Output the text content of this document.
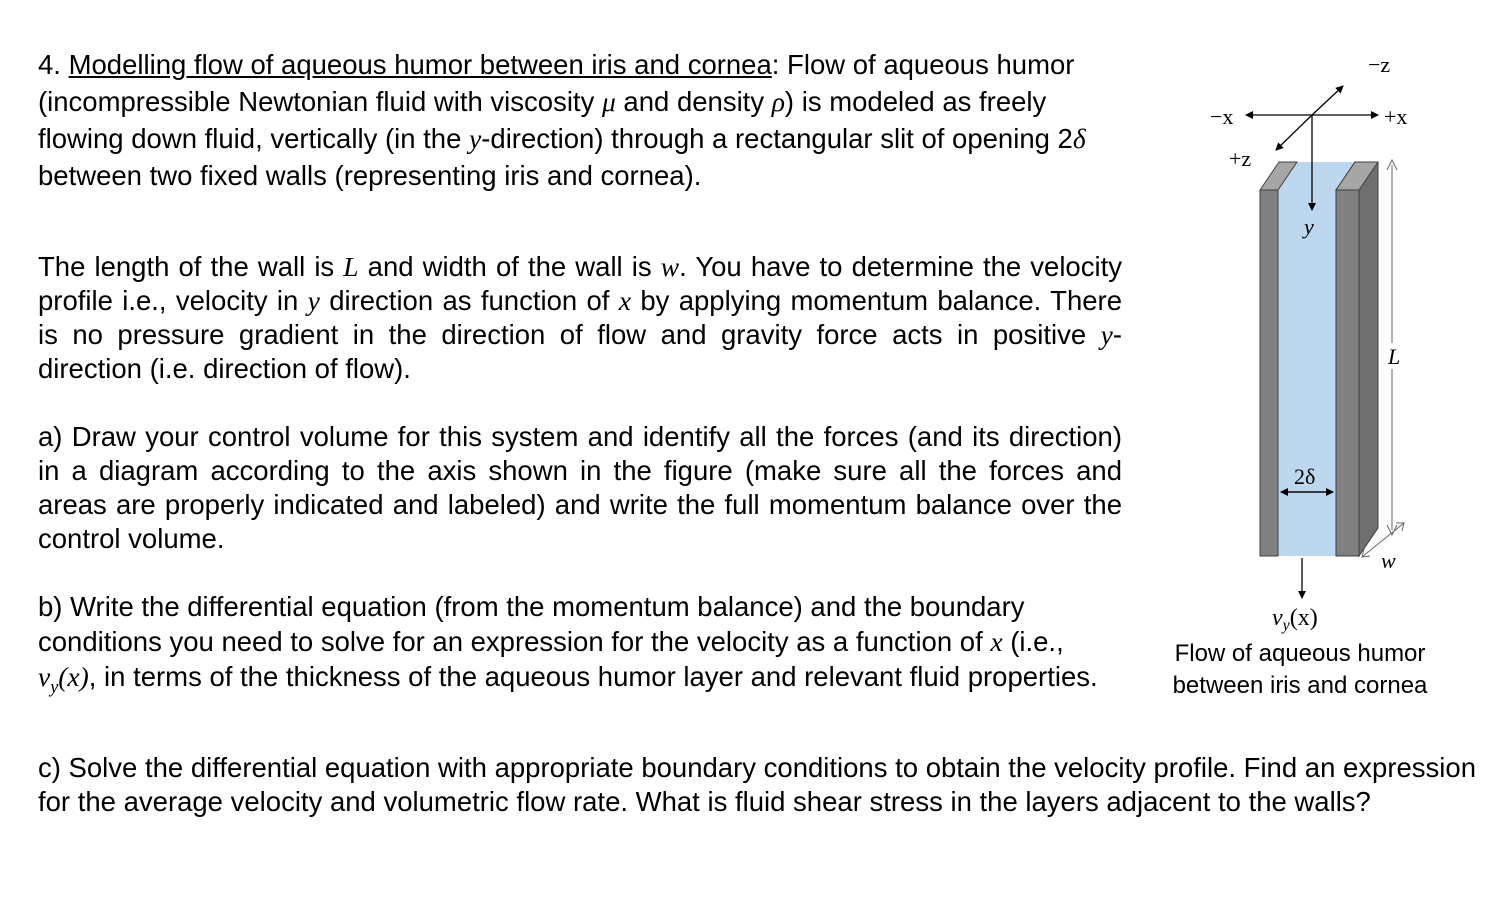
4. Modelling flow of aqueous humor between iris and cornea: Flow of aqueous humor (incompressible Newtonian fluid with viscosity μ and density ρ) is modeled as freely flowing down fluid, vertically (in the y-direction) through a rectangular slit of opening 2δ between two fixed walls (representing iris and cornea).

The length of the wall is L and width of the wall is w. You have to determine the velocity profile i.e., velocity in y direction as function of x by applying momentum balance. There is no pressure gradient in the direction of flow and gravity force acts in positive y-direction (i.e. direction of flow).

a) Draw your control volume for this system and identify all the forces (and its direction) in a diagram according to the axis shown in the figure (make sure all the forces and areas are properly indicated and labeled) and write the full momentum balance over the control volume.

b) Write the differential equation (from the momentum balance) and the boundary conditions you need to solve for an expression for the velocity as a function of x (i.e., $v_y(x)$, in terms of the thickness of the aqueous humor layer and relevant fluid properties.

c) Solve the differential equation with appropriate boundary conditions to obtain the velocity profile. Find an expression for the average velocity and volumetric flow rate. What is fluid shear stress in the layers adjacent to the walls?

−z
−x	+x
+z
y
L
2δ
w
$v_y(x)$
Flow of aqueous humor
between iris and cornea
